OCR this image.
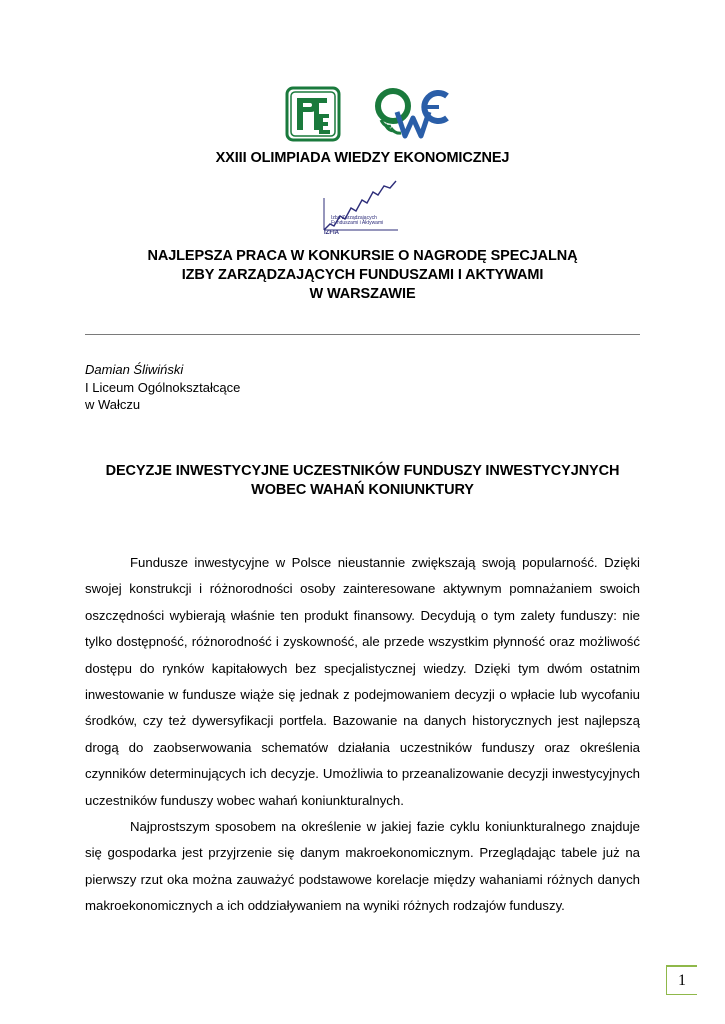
XXIII OLIMPIADA WIEDZY EKONOMICZNEJ
Izba Zarządzających
Funduszami i Aktywami
IZFiA
NAJLEPSZA PRACA W KONKURSIE O NAGRODĘ SPECJALNĄ
IZBY ZARZĄDZAJĄCYCH FUNDUSZAMI I AKTYWAMI
W WARSZAWIE
Damian Śliwiński
I Liceum Ogólnokształcące
w Wałczu
DECYZJE INWESTYCYJNE UCZESTNIKÓW FUNDUSZY INWESTYCYJNYCH
WOBEC WAHAŃ KONIUNKTURY

Fundusze inwestycyjne w Polsce nieustannie zwiększają swoją popularność. Dzięki swojej konstrukcji i różnorodności osoby zainteresowane aktywnym pomnażaniem swoich oszczędności wybierają właśnie ten produkt finansowy. Decydują o tym zalety funduszy: nie tylko dostępność, różnorodność i zyskowność, ale przede wszystkim płynność oraz możliwość dostępu do rynków kapitałowych bez specjalistycznej wiedzy. Dzięki tym dwóm ostatnim inwestowanie w fundusze wiąże się jednak z podejmowaniem decyzji o wpłacie lub wycofaniu środków, czy też dywersyfikacji portfela. Bazowanie na danych historycznych jest najlepszą drogą do zaobserwowania schematów działania uczestników funduszy oraz określenia czynników determinujących ich decyzje. Umożliwia to przeanalizowanie decyzji inwestycyjnych uczestników funduszy wobec wahań koniunkturalnych.

Najprostszym sposobem na określenie w jakiej fazie cyklu koniunkturalnego znajduje się gospodarka jest przyjrzenie się danym makroekonomicznym. Przeglądając tabele już na pierwszy rzut oka można zauważyć podstawowe korelacje między wahaniami różnych danych makroekonomicznych a ich oddziaływaniem na wyniki różnych rodzajów funduszy.

1
